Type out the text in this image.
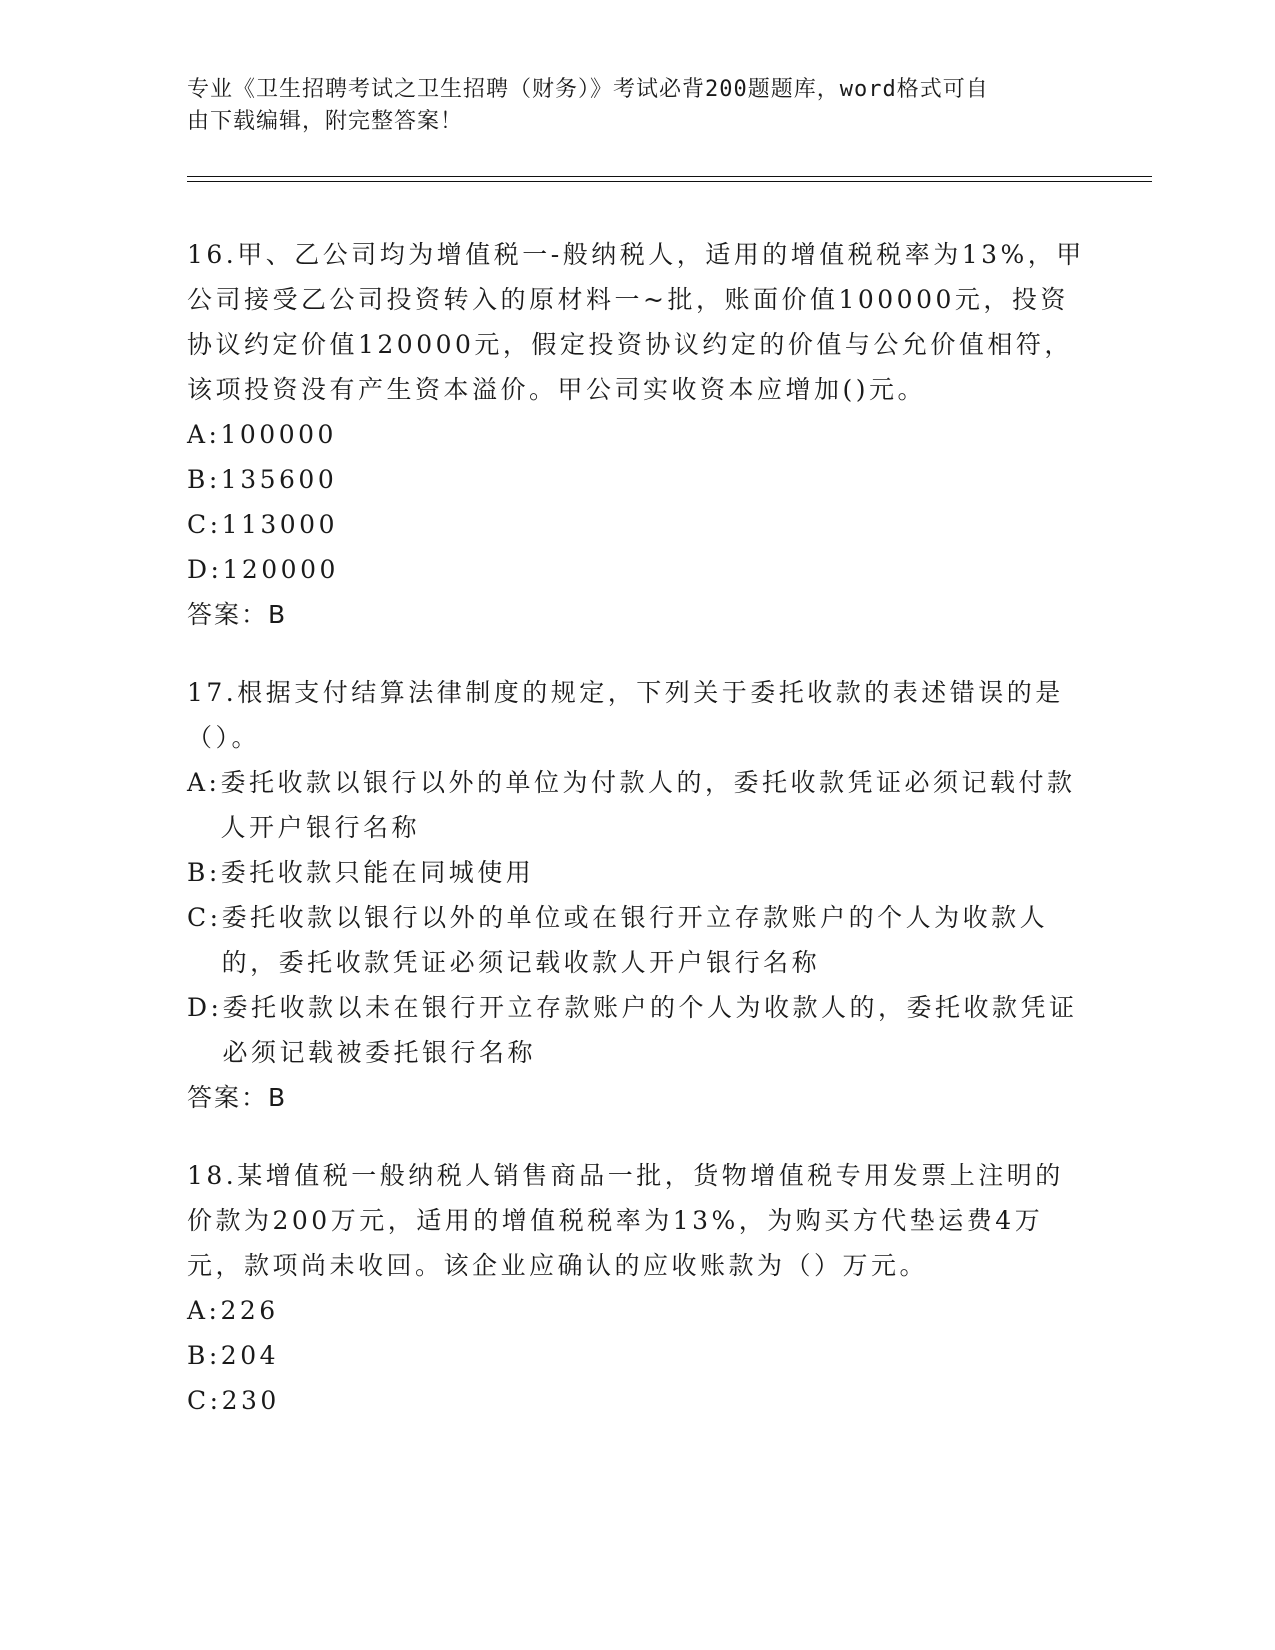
专业《卫生招聘考试之卫生招聘（财务）》考试必背200题题库，word格式可自
由下载编辑，附完整答案！

16.甲、乙公司均为增值税一-般纳税人，适用的增值税税率为13%，甲公司接受乙公司投资转入的原材料一~批，账面价值100000元，投资协议约定价值120000元，假定投资协议约定的价值与公允价值相符，该项投资没有产生资本溢价。甲公司实收资本应增加()元。

A: 100000
B: 135600
C: 113000
D: 120000

答案：B

17.根据支付结算法律制度的规定，下列关于委托收款的表述错误的是（）。

A: 委托收款以银行以外的单位为付款人的，委托收款凭证必须记载付款人开户银行名称
B: 委托收款只能在同城使用
C: 委托收款以银行以外的单位或在银行开立存款账户的个人为收款人的，委托收款凭证必须记载收款人开户银行名称
D: 委托收款以未在银行开立存款账户的个人为收款人的，委托收款凭证必须记载被委托银行名称

答案：B

18.某增值税一般纳税人销售商品一批，货物增值税专用发票上注明的价款为200万元，适用的增值税税率为13%，为购买方代垫运费4万元，款项尚未收回。该企业应确认的应收账款为（）万元。

A: 226
B: 204
C: 230
